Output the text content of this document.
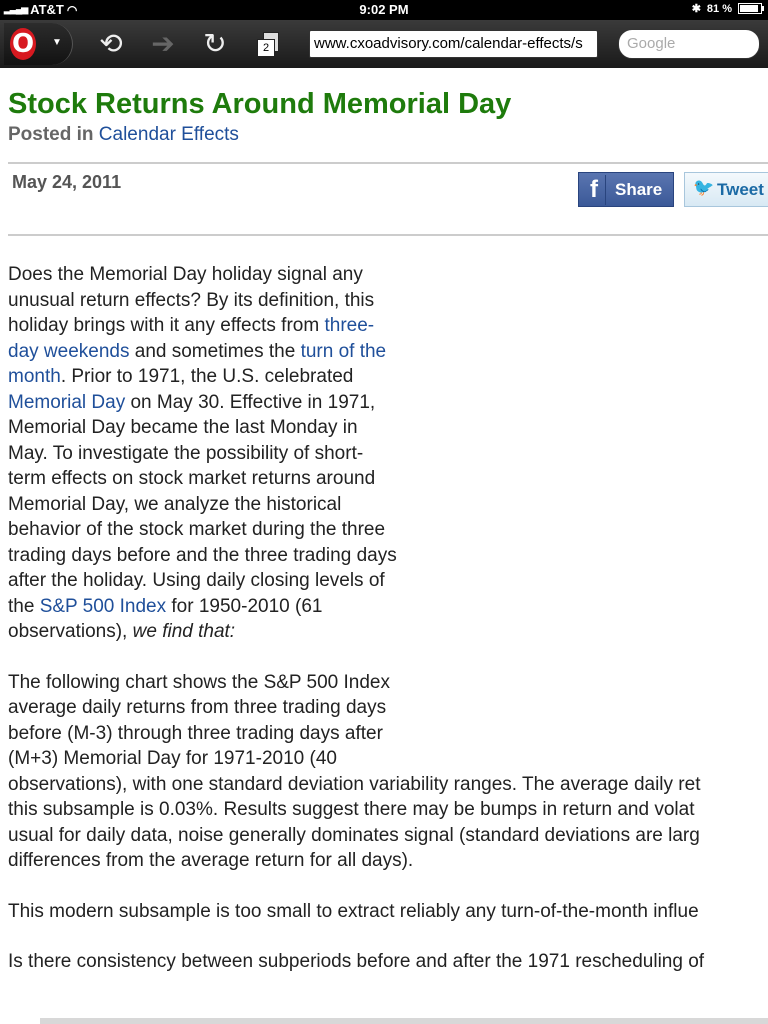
▂▃▄▅ AT&T ◠	9:02 PM	✱ 81 %
O ▼ ⟲ ➔ ↻	2	www.cxoadvisory.com/calendar-effects/s	Google
Stock Returns Around Memorial Day
Posted in Calendar Effects
May 24, 2011	f	Share 🐦 Tweet

Does the Memorial Day holiday signal any

unusual return effects? By its definition, this

holiday brings with it any effects from three-

day weekends and sometimes the turn of the

month. Prior to 1971, the U.S. celebrated

Memorial Day on May 30. Effective in 1971,

Memorial Day became the last Monday in

May. To investigate the possibility of short-

term effects on stock market returns around

Memorial Day, we analyze the historical

behavior of the stock market during the three

trading days before and the three trading days

after the holiday. Using daily closing levels of

the S&P 500 Index for 1950-2010 (61

observations), we find that:

The following chart shows the S&P 500 Index

average daily returns from three trading days

before (M-3) through three trading days after

(M+3) Memorial Day for 1971-2010 (40

observations), with one standard deviation variability ranges. The average daily ret

this subsample is 0.03%. Results suggest there may be bumps in return and volat

usual for daily data, noise generally dominates signal (standard deviations are larg

differences from the average return for all days).

This modern subsample is too small to extract reliably any turn-of-the-month influe

Is there consistency between subperiods before and after the 1971 rescheduling of
